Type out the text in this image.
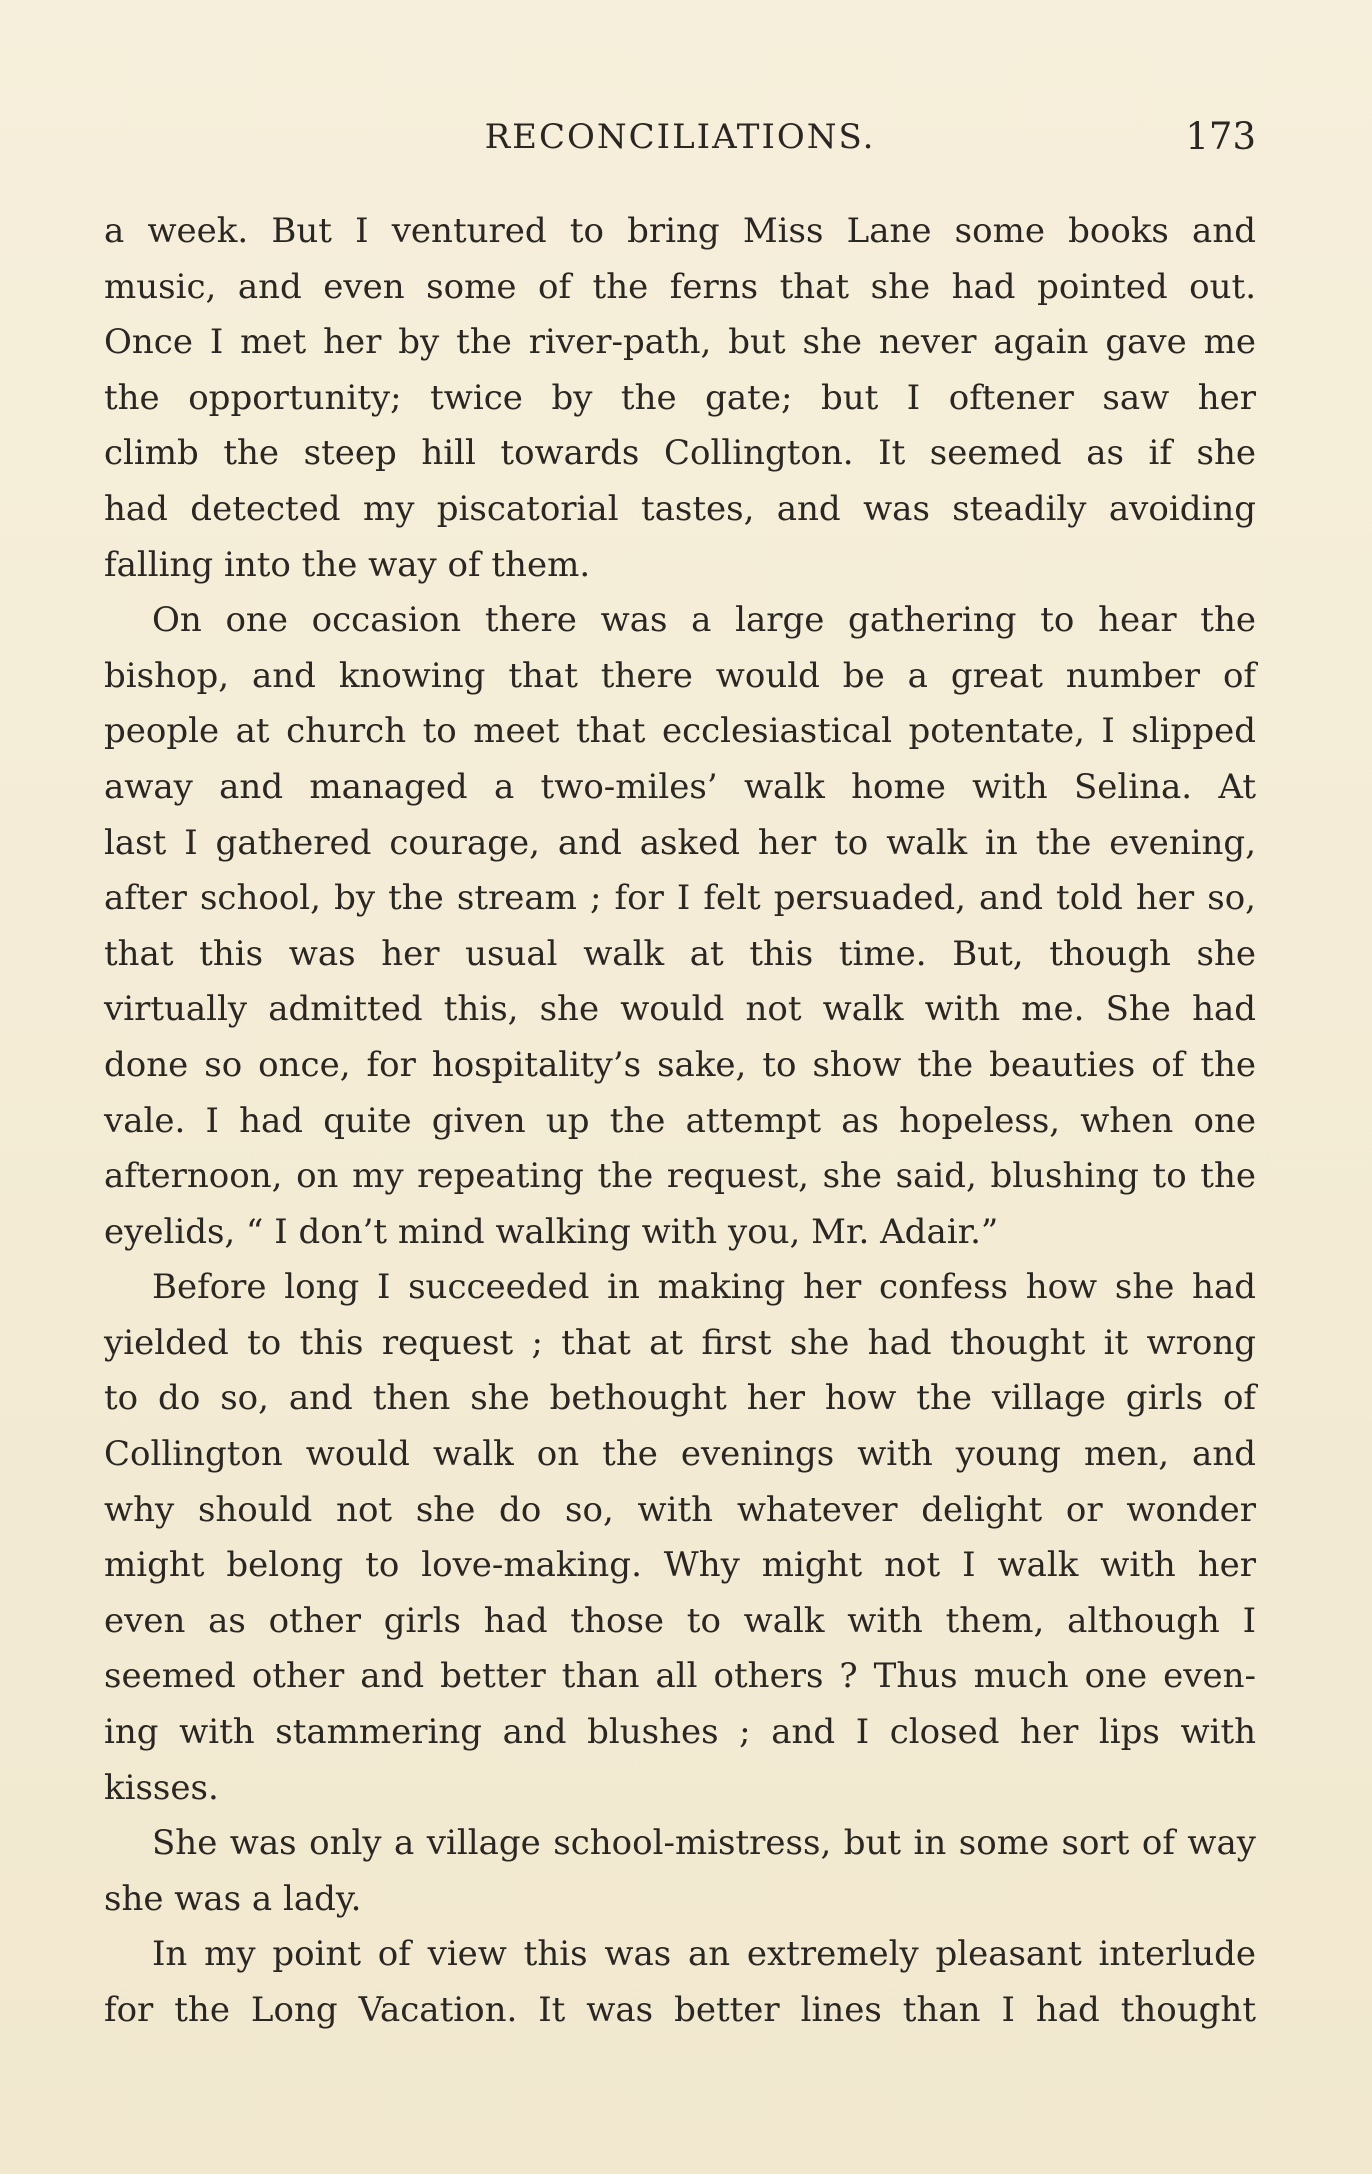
RECONCILIATIONS.	173

a week. But I ventured to bring Miss Lane some books and

music, and even some of the ferns that she had pointed out.

Once I met her by the river-path, but she never again gave me

the opportunity; twice by the gate; but I oftener saw her

climb the steep hill towards Collington. It seemed as if she

had detected my piscatorial tastes, and was steadily avoiding

falling into the way of them.

On one occasion there was a large gathering to hear the

bishop, and knowing that there would be a great number of

people at church to meet that ecclesiastical potentate, I slipped

away and managed a two-miles’ walk home with Selina. At

last I gathered courage, and asked her to walk in the evening,

after school, by the stream ; for I felt persuaded, and told her so,

that this was her usual walk at this time. But, though she

virtually admitted this, she would not walk with me. She had

done so once, for hospitality’s sake, to show the beauties of the

vale. I had quite given up the attempt as hopeless, when one

afternoon, on my repeating the request, she said, blushing to the

eyelids, “ I don’t mind walking with you, Mr. Adair.”

Before long I succeeded in making her confess how she had

yielded to this request ; that at first she had thought it wrong

to do so, and then she bethought her how the village girls of

Collington would walk on the evenings with young men, and

why should not she do so, with whatever delight or wonder

might belong to love-making. Why might not I walk with her

even as other girls had those to walk with them, although I

seemed other and better than all others ? Thus much one even-

ing with stammering and blushes ; and I closed her lips with

kisses.

She was only a village school-mistress, but in some sort of way

she was a lady.

In my point of view this was an extremely pleasant interlude

for the Long Vacation. It was better lines than I had thought
